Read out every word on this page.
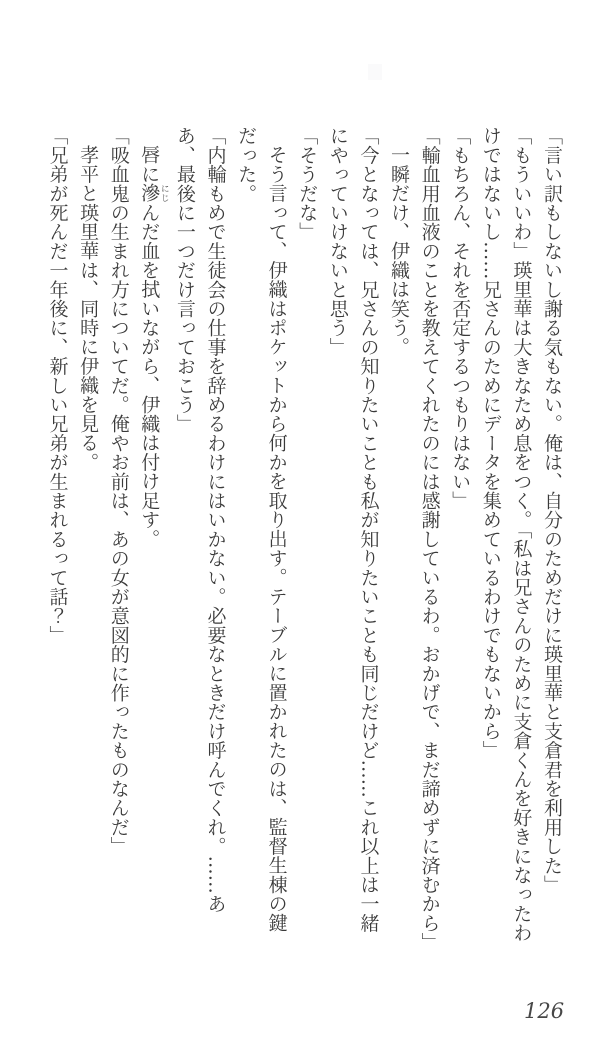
「言い訳もしないし謝る気もない。俺は、自分のためだけに瑛里華と支倉君を利用した」

「もういいわ」瑛里華は大きなため息をつく。「私は兄さんのために支倉くんを好きになったわけではないし……兄さんのためにデータを集めているわけでもないから」

「もちろん、それを否定するつもりはない」

「輸血用血液のことを教えてくれたのには感謝しているわ。おかげで、まだ諦めずに済むから」

一瞬だけ、伊織は笑う。

「今となっては、兄さんの知りたいことも私が知りたいことも同じだけど……これ以上は一緒にやっていけないと思う」

「そうだな」

そう言って、伊織はポケットから何かを取り出す。テーブルに置かれたのは、監督生棟の鍵だった。

「内輪もめで生徒会の仕事を辞めるわけにはいかない。必要なときだけ呼んでくれ。……ああ、最後に一つだけ言っておこう」

唇に滲 にじんだ血を拭いながら、伊織は付け足す。

「吸血鬼の生まれ方についてだ。俺やお前は、あの女が意図的に作ったものなんだ」

孝平と瑛里華は、同時に伊織を見る。

「兄弟が死んだ一年後に、新しい兄弟が生まれるって話？」

126
